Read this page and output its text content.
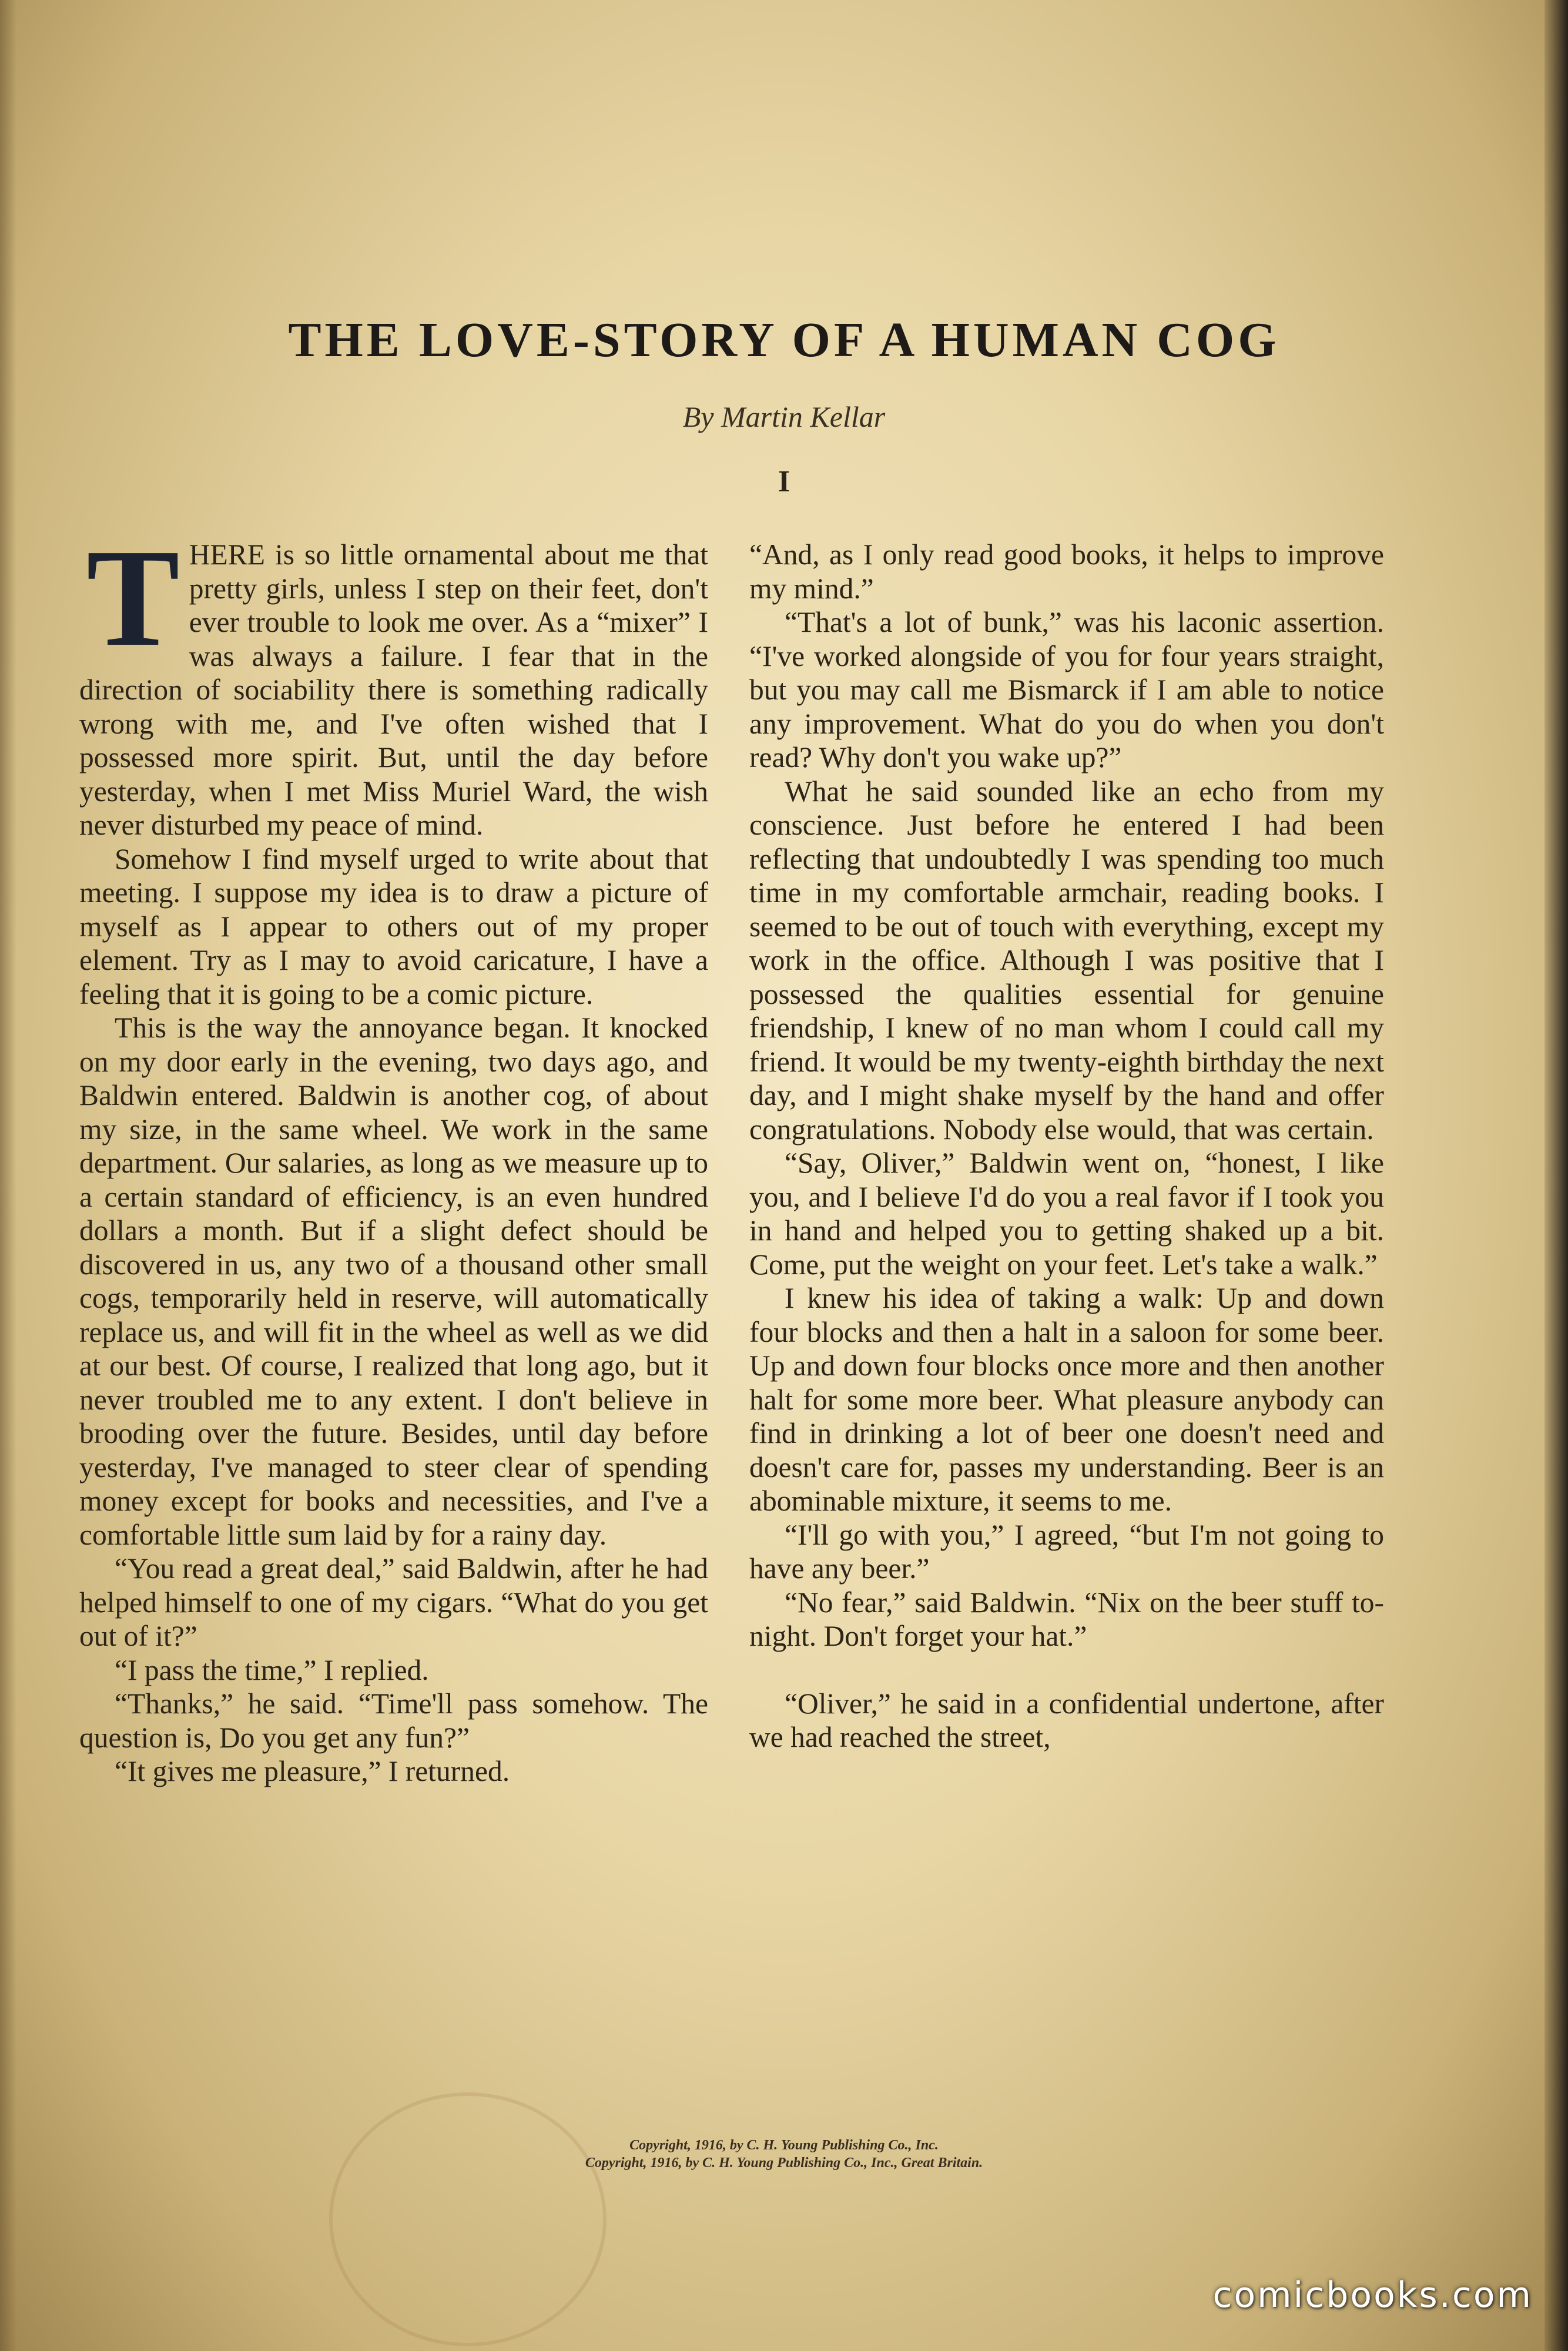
THE LOVE-STORY OF A HUMAN COG
By Martin Kellar
I

THERE is so little ornamental about me that pretty girls, unless I step on their feet, don't ever trouble to look me over. As a “mixer” I was always a failure. I fear that in the direction of sociability there is something radically wrong with me, and I've often wished that I possessed more spirit. But, until the day before yesterday, when I met Miss Muriel Ward, the wish never disturbed my peace of mind.

Somehow I find myself urged to write about that meeting. I suppose my idea is to draw a picture of myself as I appear to others out of my proper element. Try as I may to avoid caricature, I have a feeling that it is going to be a comic picture.

This is the way the annoyance began. It knocked on my door early in the evening, two days ago, and Baldwin entered. Baldwin is another cog, of about my size, in the same wheel. We work in the same department. Our salaries, as long as we measure up to a certain standard of efficiency, is an even hundred dollars a month. But if a slight defect should be discovered in us, any two of a thousand other small cogs, temporarily held in reserve, will automatically replace us, and will fit in the wheel as well as we did at our best. Of course, I realized that long ago, but it never troubled me to any extent. I don't believe in brooding over the future. Besides, until day before yesterday, I've managed to steer clear of spending money except for books and necessities, and I've a comfortable little sum laid by for a rainy day.

“You read a great deal,” said Baldwin, after he had helped himself to one of my cigars. “What do you get out of it?”

“I pass the time,” I replied.

“Thanks,” he said. “Time'll pass somehow. The question is, Do you get any fun?”

“It gives me pleasure,” I returned.

“And, as I only read good books, it helps to improve my mind.”

“That's a lot of bunk,” was his laconic assertion. “I've worked alongside of you for four years straight, but you may call me Bismarck if I am able to notice any improvement. What do you do when you don't read? Why don't you wake up?”

What he said sounded like an echo from my conscience. Just before he entered I had been reflecting that undoubtedly I was spending too much time in my comfortable armchair, reading books. I seemed to be out of touch with everything, except my work in the office. Although I was positive that I possessed the qualities essential for genuine friendship, I knew of no man whom I could call my friend. It would be my twenty-eighth birthday the next day, and I might shake myself by the hand and offer congratulations. Nobody else would, that was certain.

“Say, Oliver,” Baldwin went on, “honest, I like you, and I believe I'd do you a real favor if I took you in hand and helped you to getting shaked up a bit. Come, put the weight on your feet. Let's take a walk.”

I knew his idea of taking a walk: Up and down four blocks and then a halt in a saloon for some beer. Up and down four blocks once more and then another halt for some more beer. What pleasure anybody can find in drinking a lot of beer one doesn't need and doesn't care for, passes my understanding. Beer is an abominable mixture, it seems to me.

“I'll go with you,” I agreed, “but I'm not going to have any beer.”

“No fear,” said Baldwin. “Nix on the beer stuff to-night. Don't forget your hat.”

“Oliver,” he said in a confidential undertone, after we had reached the street,

Copyright, 1916, by C. H. Young Publishing Co., Inc.
Copyright, 1916, by C. H. Young Publishing Co., Inc., Great Britain.
comicbooks.com
